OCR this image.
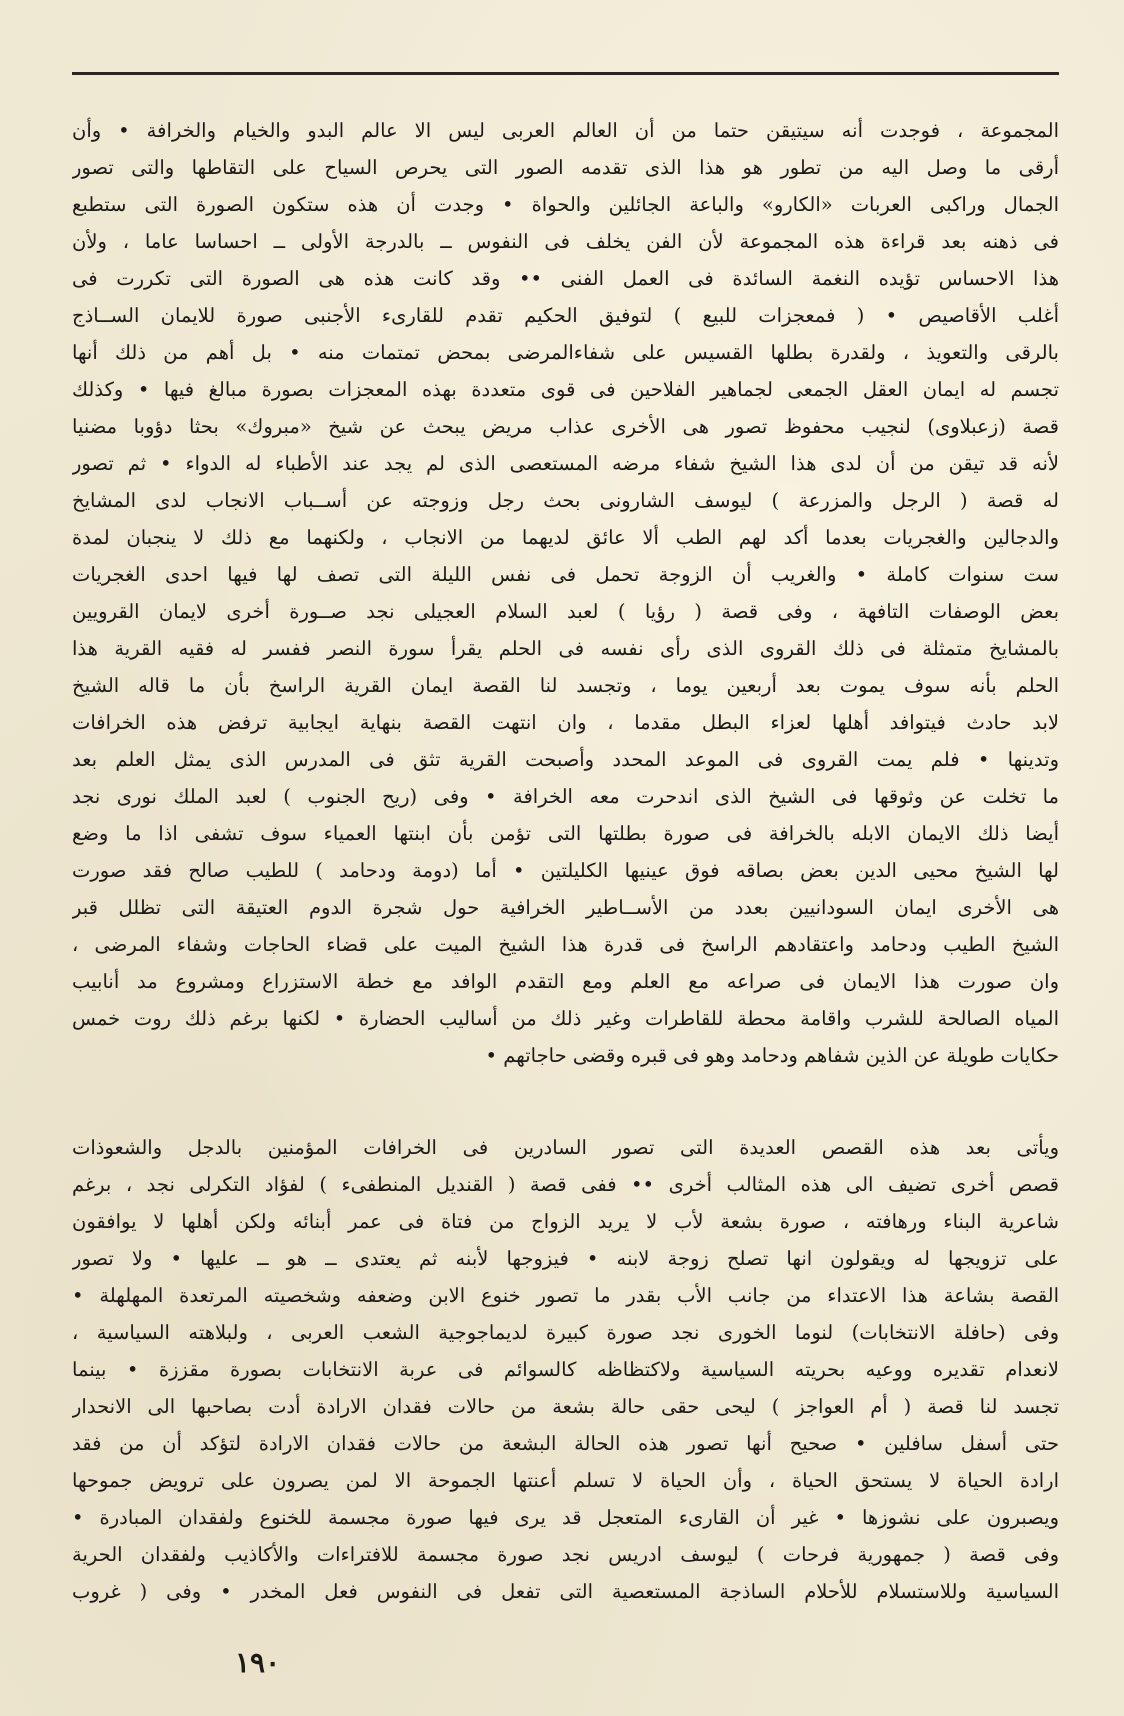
المجموعة ، فوجدت أنه سيتيقن حتما من أن العالم العربى ليس الا عالم البدو والخيام والخرافة • وأن
أرقى ما وصل اليه من تطور هو هذا الذى تقدمه الصور التى يحرص السياح على التقاطها والتى تصور
الجمال وراكبى العربات «الكارو» والباعة الجائلين والحواة • وجدت أن هذه ستكون الصورة التى ستطبع
فى ذهنه بعد قراءة هذه المجموعة لأن الفن يخلف فى النفوس ــ بالدرجة الأولى ــ احساسا عاما ، ولأن
هذا الاحساس تؤيده النغمة السائدة فى العمل الفنى •• وقد كانت هذه هى الصورة التى تكررت فى
أغلب الأقاصيص • ( فمعجزات للبيع ) لتوفيق الحكيم تقدم للقارىء الأجنبى صورة للايمان الســاذج
بالرقى والتعويذ ، ولقدرة بطلها القسيس على شفاءالمرضى بمحض تمتمات منه • بل أهم من ذلك أنها
تجسم له ايمان العقل الجمعى لجماهير الفلاحين فى قوى متعددة بهذه المعجزات بصورة مبالغ فيها • وكذلك
قصة (زعبلاوى) لنجيب محفوظ تصور هى الأخرى عذاب مريض يبحث عن شيخ «مبروك» بحثا دؤوبا مضنيا
لأنه قد تيقن من أن لدى هذا الشيخ شفاء مرضه المستعصى الذى لم يجد عند الأطباء له الدواء • ثم تصور
له قصة ( الرجل والمزرعة ) ليوسف الشارونى بحث رجل وزوجته عن أســباب الانجاب لدى المشايخ
والدجالين والغجريات بعدما أكد لهم الطب ألا عائق لديهما من الانجاب ، ولكنهما مع ذلك لا ينجبان لمدة
ست سنوات كاملة • والغريب أن الزوجة تحمل فى نفس الليلة التى تصف لها فيها احدى الغجريات
بعض الوصفات التافهة ، وفى قصة ( رؤيا ) لعبد السلام العجيلى نجد صــورة أخرى لايمان القرويين
بالمشايخ متمثلة فى ذلك القروى الذى رأى نفسه فى الحلم يقرأ سورة النصر ففسر له فقيه القرية هذا
الحلم بأنه سوف يموت بعد أربعين يوما ، وتجسد لنا القصة ايمان القرية الراسخ بأن ما قاله الشيخ
لابد حادث فيتوافد أهلها لعزاء البطل مقدما ، وان انتهت القصة بنهاية ايجابية ترفض هذه الخرافات
وتدينها • فلم يمت القروى فى الموعد المحدد وأصبحت القرية تثق فى المدرس الذى يمثل العلم بعد
ما تخلت عن وثوقها فى الشيخ الذى اندحرت معه الخرافة • وفى (ريح الجنوب ) لعبد الملك نورى نجد
أيضا ذلك الايمان الابله بالخرافة فى صورة بطلتها التى تؤمن بأن ابنتها العمياء سوف تشفى اذا ما وضع
لها الشيخ محيى الدين بعض بصاقه فوق عينيها الكليلتين • أما (دومة ودحامد ) للطيب صالح فقد صورت
هى الأخرى ايمان السودانيين بعدد من الأســاطير الخرافية حول شجرة الدوم العتيقة التى تظلل قبر
الشيخ الطيب ودحامد واعتقادهم الراسخ فى قدرة هذا الشيخ الميت على قضاء الحاجات وشفاء المرضى ،
وان صورت هذا الايمان فى صراعه مع العلم ومع التقدم الوافد مع خطة الاستزراع ومشروع مد أنابيب
المياه الصالحة للشرب واقامة محطة للقاطرات وغير ذلك من أساليب الحضارة • لكنها برغم ذلك روت خمس
حكايات طويلة عن الذين شفاهم ودحامد وهو فى قبره وقضى حاجاتهم •
ويأتى بعد هذه القصص العديدة التى تصور السادرين فى الخرافات المؤمنين بالدجل والشعوذات
قصص أخرى تضيف الى هذه المثالب أخرى •• ففى قصة ( القنديل المنطفىء ) لفؤاد التكرلى نجد ، برغم
شاعرية البناء ورهافته ، صورة بشعة لأب لا يريد الزواج من فتاة فى عمر أبنائه ولكن أهلها لا يوافقون
على تزويجها له ويقولون انها تصلح زوجة لابنه • فيزوجها لأبنه ثم يعتدى ــ هو ــ عليها • ولا تصور
القصة بشاعة هذا الاعتداء من جانب الأب بقدر ما تصور خنوع الابن وضعفه وشخصيته المرتعدة المهلهلة •
وفى (حافلة الانتخابات) لنوما الخورى نجد صورة كبيرة لديماجوجية الشعب العربى ، ولبلاهته السياسية ،
لانعدام تقديره ووعيه بحريته السياسية ولاكتظاظه كالسوائم فى عربة الانتخابات بصورة مقززة • بينما
تجسد لنا قصة ( أم العواجز ) ليحى حقى حالة بشعة من حالات فقدان الارادة أدت بصاحبها الى الانحدار
حتى أسفل سافلين • صحيح أنها تصور هذه الحالة البشعة من حالات فقدان الارادة لتؤكد أن من فقد
ارادة الحياة لا يستحق الحياة ، وأن الحياة لا تسلم أعنتها الجموحة الا لمن يصرون على ترويض جموحها
ويصبرون على نشوزها • غير أن القارىء المتعجل قد يرى فيها صورة مجسمة للخنوع ولفقدان المبادرة •
وفى قصة ( جمهورية فرحات ) ليوسف ادريس نجد صورة مجسمة للافتراءات والأكاذيب ولفقدان الحرية
السياسية وللاستسلام للأحلام الساذجة المستعصية التى تفعل فى النفوس فعل المخدر • وفى ( غروب
١٩٠
